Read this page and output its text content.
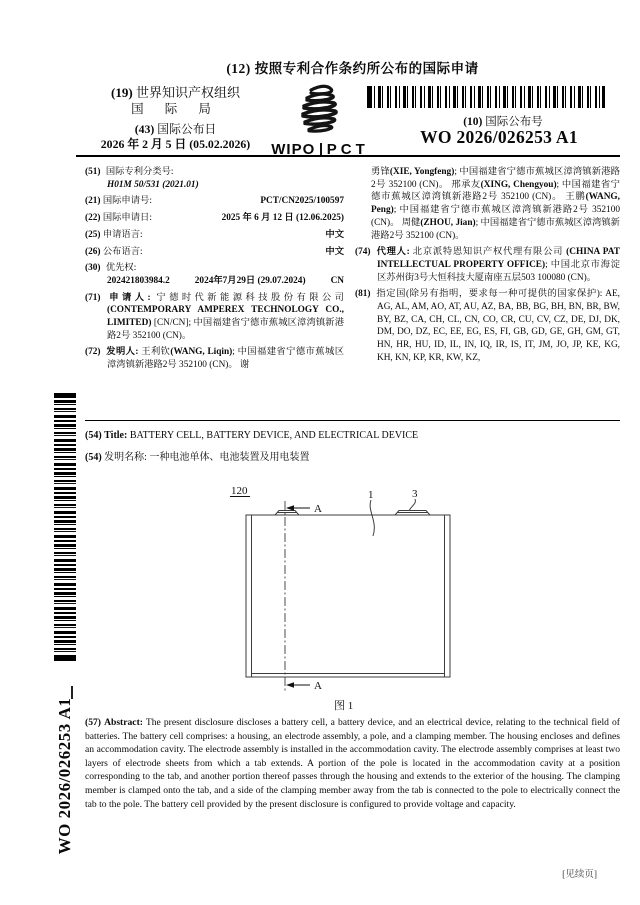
(12) 按照专利合作条约所公布的国际申请
(19) 世界知识产权组织
国 际 局
(43) 国际公布日
2026 年 2 月 5 日 (05.02.2026)	WIPO PCT
(10) 国际公布号
WO 2026/026253 A1
WO 2026/026253 A1
(51) 国际专利分类号:
H01M 50/531 (2021.01)
(21) 国际申请号:	PCT/CN2025/100597
(22) 国际申请日:	2025 年 6 月 12 日 (12.06.2025)
(25) 申请语言:	中文
(26) 公布语言:	中文
(30) 优先权:
202421803984.2	2024年7月29日 (29.07.2024)	CN
(71) 申请人: 宁德时代新能源科技股份有限公司 (CONTEMPORARY AMPEREX TECHNOLOGY CO., LIMITED) [CN/CN]; 中国福建省宁德市蕉城区漳湾镇新港路2号 352100 (CN)。
(72) 发明人: 王利钦(WANG, Liqin); 中国福建省宁德市蕉城区漳湾镇新港路2号 352100 (CN)。 谢
勇锋(XIE, Yongfeng); 中国福建省宁德市蕉城区漳湾镇新港路2号 352100 (CN)。 邢承友(XING, Chengyou); 中国福建省宁德市蕉城区漳湾镇新港路2号 352100 (CN)。 王鹏(WANG, Peng); 中国福建省宁德市蕉城区漳湾镇新港路2号 352100 (CN)。 周健(ZHOU, Jian); 中国福建省宁德市蕉城区漳湾镇新港路2号 352100 (CN)。
(74) 代理人: 北京派特恩知识产权代理有限公司 (CHINA PAT INTELLECTUAL PROPERTY OFFICE); 中国北京市海淀区苏州街3号大恒科技大厦南座五层503 100080 (CN)。
(81) 指定国(除另有指明，要求每一种可提供的国家保护): AE, AG, AL, AM, AO, AT, AU, AZ, BA, BB, BG, BH, BN, BR, BW, BY, BZ, CA, CH, CL, CN, CO, CR, CU, CV, CZ, DE, DJ, DK, DM, DO, DZ, EC, EE, EG, ES, FI, GB, GD, GE, GH, GM, GT, HN, HR, HU, ID, IL, IN, IQ, IR, IS, IT, JM, JO, JP, KE, KG, KH, KN, KP, KR, KW, KZ,
(54) Title: BATTERY CELL, BATTERY DEVICE, AND ELECTRICAL DEVICE
(54) 发明名称: 一种电池单体、电池装置及用电装置
120
A
A
1	3
图 1
(57) Abstract: The present disclosure discloses a battery cell, a battery device, and an electrical device, relating to the technical field of batteries. The battery cell comprises: a housing, an electrode assembly, a pole, and a clamping member. The housing encloses and defines an accommodation cavity. The electrode assembly is installed in the accommodation cavity. The electrode assembly comprises at least two layers of electrode sheets from which a tab extends. A portion of the pole is located in the accommodation cavity at a position corresponding to the tab, and another portion thereof passes through the housing and extends to the exterior of the housing. The clamping member is clamped onto the tab, and a side of the clamping member away from the tab is connected to the pole to electrically connect the tab to the pole. The battery cell provided by the present disclosure is configured to provide voltage and capacity.
[见续页]
